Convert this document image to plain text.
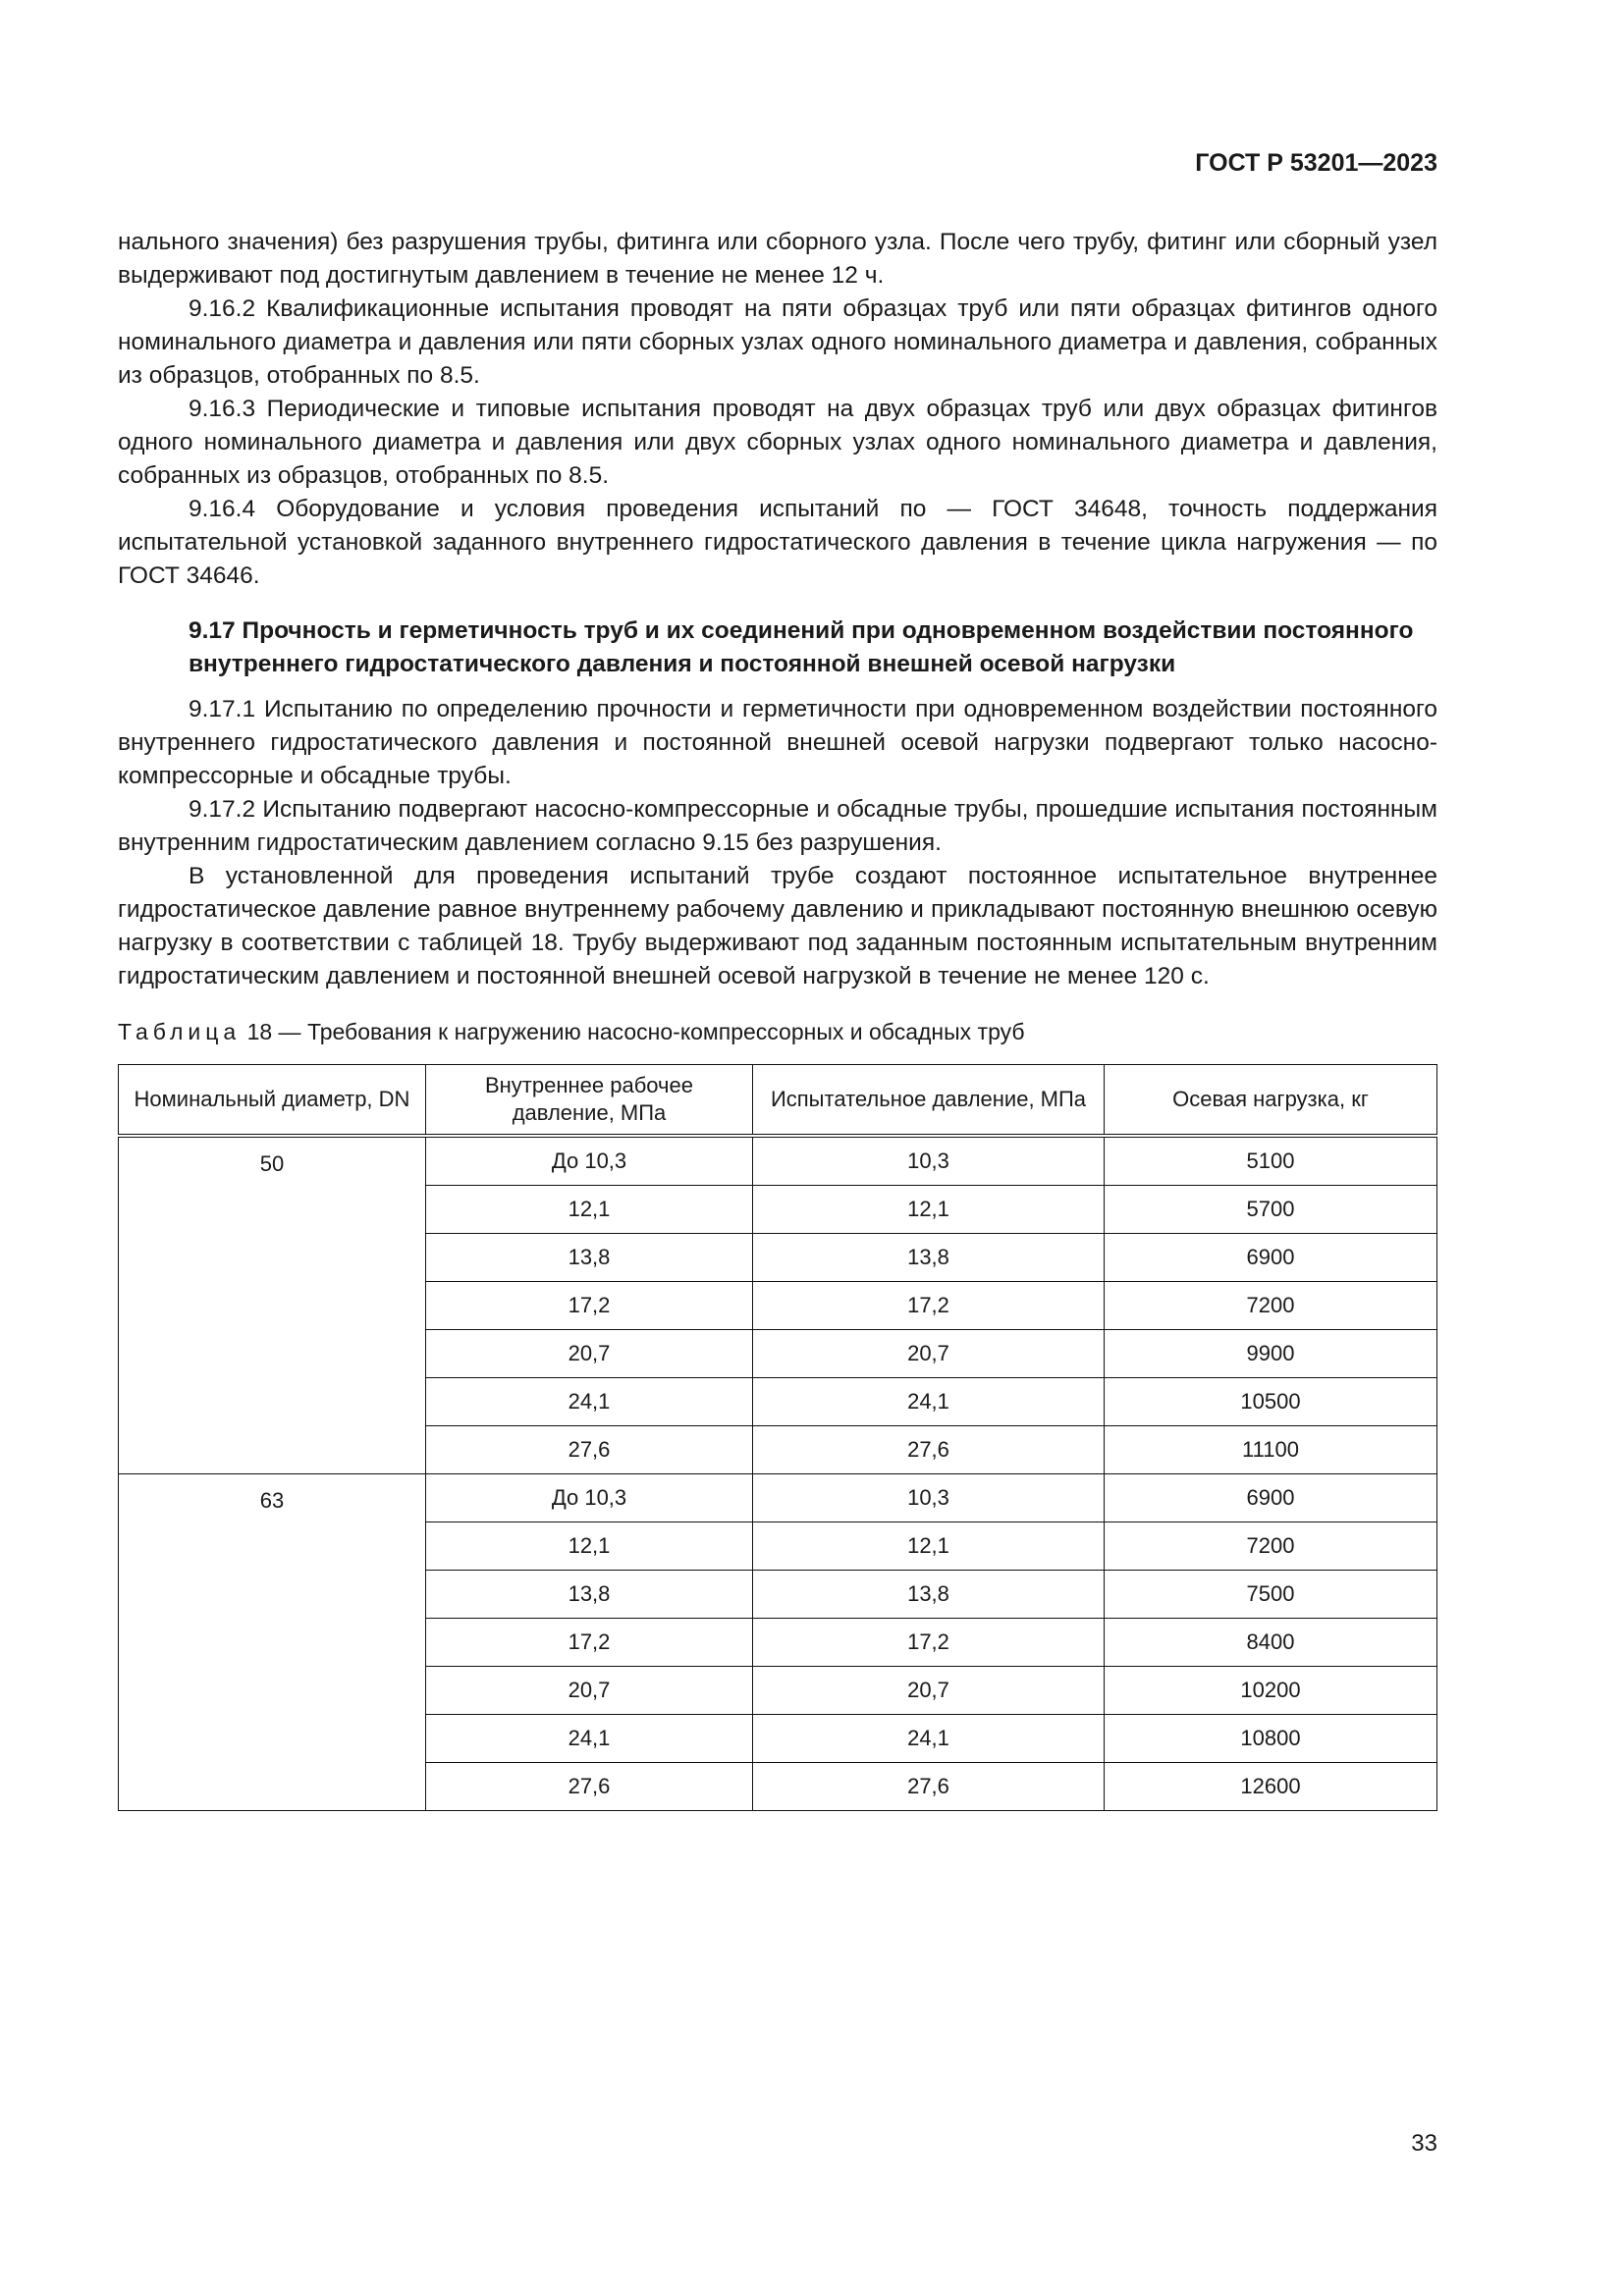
ГОСТ Р 53201—2023

нального значения) без разрушения трубы, фитинга или сборного узла. После чего трубу, фитинг или сборный узел выдерживают под достигнутым давлением в течение не менее 12 ч.

9.16.2 Квалификационные испытания проводят на пяти образцах труб или пяти образцах фитингов одного номинального диаметра и давления или пяти сборных узлах одного номинального диаметра и давления, собранных из образцов, отобранных по 8.5.

9.16.3 Периодические и типовые испытания проводят на двух образцах труб или двух образцах фитингов одного номинального диаметра и давления или двух сборных узлах одного номинального диаметра и давления, собранных из образцов, отобранных по 8.5.

9.16.4 Оборудование и условия проведения испытаний по — ГОСТ 34648, точность поддержания испытательной установкой заданного внутреннего гидростатического давления в течение цикла нагружения — по ГОСТ 34646.

9.17 Прочность и герметичность труб и их соединений при одновременном воздействии постоянного внутреннего гидростатического давления и постоянной внешней осевой нагрузки

9.17.1 Испытанию по определению прочности и герметичности при одновременном воздействии постоянного внутреннего гидростатического давления и постоянной внешней осевой нагрузки подвергают только насосно-компрессорные и обсадные трубы.

9.17.2 Испытанию подвергают насосно-компрессорные и обсадные трубы, прошедшие испытания постоянным внутренним гидростатическим давлением согласно 9.15 без разрушения.

В установленной для проведения испытаний трубе создают постоянное испытательное внутреннее гидростатическое давление равное внутреннему рабочему давлению и прикладывают постоянную внешнюю осевую нагрузку в соответствии с таблицей 18. Трубу выдерживают под заданным постоянным испытательным внутренним гидростатическим давлением и постоянной внешней осевой нагрузкой в течение не менее 120 с.

Таблица 18 — Требования к нагружению насосно-компрессорных и обсадных труб
Номинальный диаметр, DN	Внутреннее рабочее давление, МПа	Испытательное давление, МПа	Осевая нагрузка, кг
50	До 10,3	10,3	5100
	12,1	12,1	5700
	13,8	13,8	6900
	17,2	17,2	7200
	20,7	20,7	9900
	24,1	24,1	10500
	27,6	27,6	11100
63	До 10,3	10,3	6900
	12,1	12,1	7200
	13,8	13,8	7500
	17,2	17,2	8400
	20,7	20,7	10200
	24,1	24,1	10800
	27,6	27,6	12600
33
